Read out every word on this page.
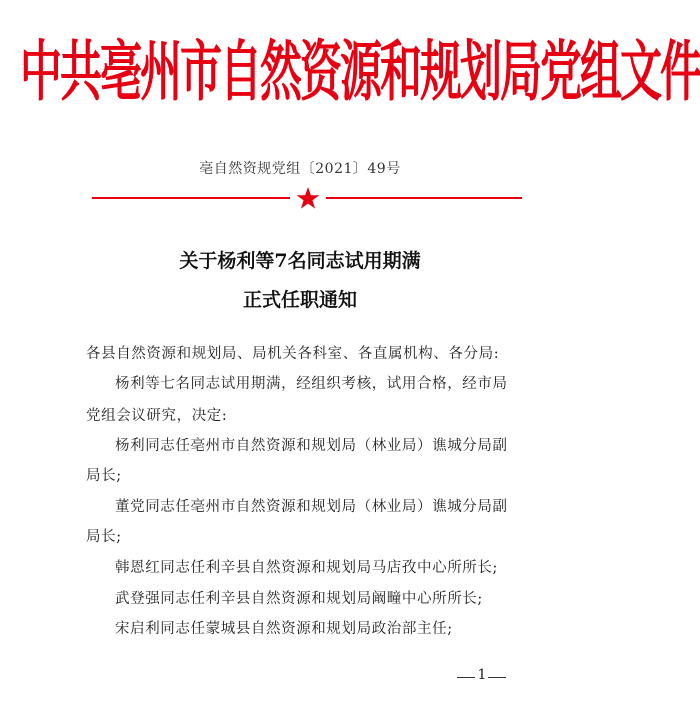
中共亳州市自然资源和规划局党组文件
亳自然资规党组〔2021〕49号
关于杨利等7名同志试用期满
正式任职通知
各县自然资源和规划局、局机关各科室、各直属机构、各分局:
杨利等七名同志试用期满，经组织考核，试用合格，经市局
党组会议研究，决定:
杨利同志任亳州市自然资源和规划局（林业局）谯城分局副
局长;
董党同志任亳州市自然资源和规划局（林业局）谯城分局副
局长;
韩恩红同志任利辛县自然资源和规划局马店孜中心所所长;
武登强同志任利辛县自然资源和规划局阚疃中心所所长;
宋启利同志任蒙城县自然资源和规划局政治部主任;
1
